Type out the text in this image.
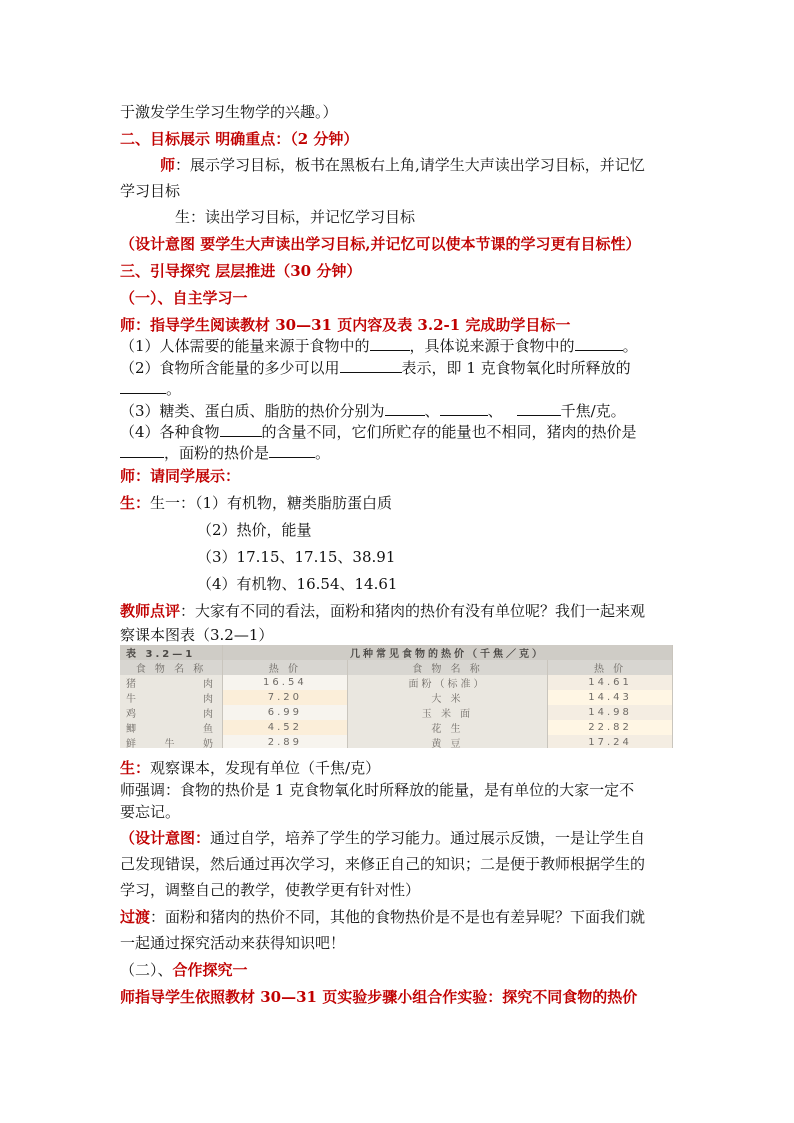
于激发学生学习生物学的兴趣。）
二、目标展示 明确重点：（2 分钟）
师：展示学习目标，板书在黑板右上角,请学生大声读出学习目标，并记忆
学习目标
生：读出学习目标，并记忆学习目标
（设计意图 要学生大声读出学习目标,并记忆可以使本节课的学习更有目标性）
三、引导探究 层层推进（30 分钟）
（一）、自主学习一
师：指导学生阅读教材 30—31 页内容及表 3.2-1 完成助学目标一
（1）人体需要的能量来源于食物中的	，具体说来源于食物中的	。
（2）食物所含能量的多少可以用	表示，即 1 克食物氧化时所释放的
。
（3）糖类、蛋白质、脂肪的热价分别为	、	、	千焦/克。
（4）各种食物	的含量不同，它们所贮存的能量也不相同，猪肉的热价是
，面粉的热价是	。
师：请同学展示：
生：生一：（1）有机物，糖类脂肪蛋白质
（2）热价，能量
（3）17.15、17.15、38.91
（4）有机物、16.54、14.61
教师点评：大家有不同的看法，面粉和猪肉的热价有没有单位呢？我们一起来观
察课本图表（3.2—1）
表 3.2—1	几种常见食物的热价（千焦／克）		
食 物 名 称	热 价	食 物 名 称	热 价
猪 肉	16.54	面粉（标准）	14.61
牛 肉	7.20	大 米	14.43
鸡 肉	6.99	玉 米 面	14.98
鲫 鱼	4.52	花 生	22.82
鲜 牛 奶	2.89	黄 豆	17.24
生：观察课本，发现有单位（千焦/克）
师强调：食物的热价是 1 克食物氧化时所释放的能量，是有单位的大家一定不
要忘记。
（设计意图：通过自学，培养了学生的学习能力。通过展示反馈，一是让学生自
己发现错误，然后通过再次学习，来修正自己的知识；二是便于教师根据学生的
学习，调整自己的教学，使教学更有针对性）
过渡：面粉和猪肉的热价不同，其他的食物热价是不是也有差异呢？下面我们就
一起通过探究活动来获得知识吧！
（二）、合作探究一
师指导学生依照教材 30—31 页实验步骤小组合作实验：探究不同食物的热价
